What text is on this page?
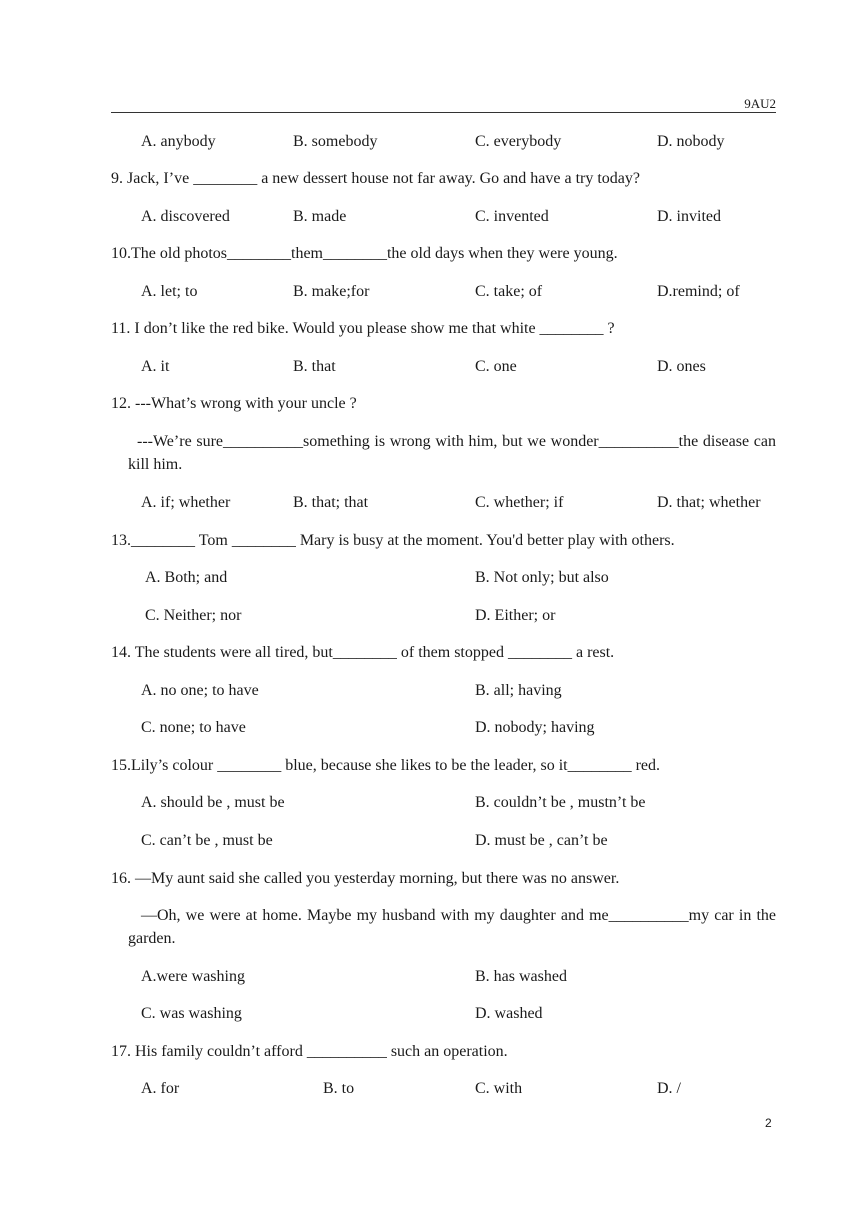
9AU2
A. anybody	B. somebody	C. everybody	D. nobody
9. Jack, I’ve ________ a new dessert house not far away. Go and have a try today?
A. discovered	B. made	C. invented	D. invited
10.The old photos________them________the old days when they were young.
A. let; to	B. make;for	C. take; of	D.remind; of
11. I don’t like the red bike. Would you please show me that white ________ ?
A. it	B. that	C. one	D. ones
12. ---What’s wrong with your uncle ?
---We’re sure__________something is wrong with him, but we wonder__________the disease can kill him.
A. if; whether	B. that; that	C. whether; if	D. that; whether
13.________ Tom ________ Mary is busy at the moment. You'd better play with others.
A. Both; and	B. Not only; but also
C. Neither; nor	D. Either; or
14. The students were all tired, but________ of them stopped ________ a rest.
A. no one; to have	B. all; having
C. none; to have	D. nobody; having
15.Lily’s colour ________ blue, because she likes to be the leader, so it________ red.
A. should be , must be	B. couldn’t be , mustn’t be
C. can’t be , must be	D. must be , can’t be
16. —My aunt said she called you yesterday morning, but there was no answer.
—Oh, we were at home. Maybe my husband with my daughter and me__________my car in the garden.
A.were washing	B. has washed
C. was washing	D. washed
17. His family couldn’t afford __________ such an operation.
A. for	B. to	C. with	D. /
2
